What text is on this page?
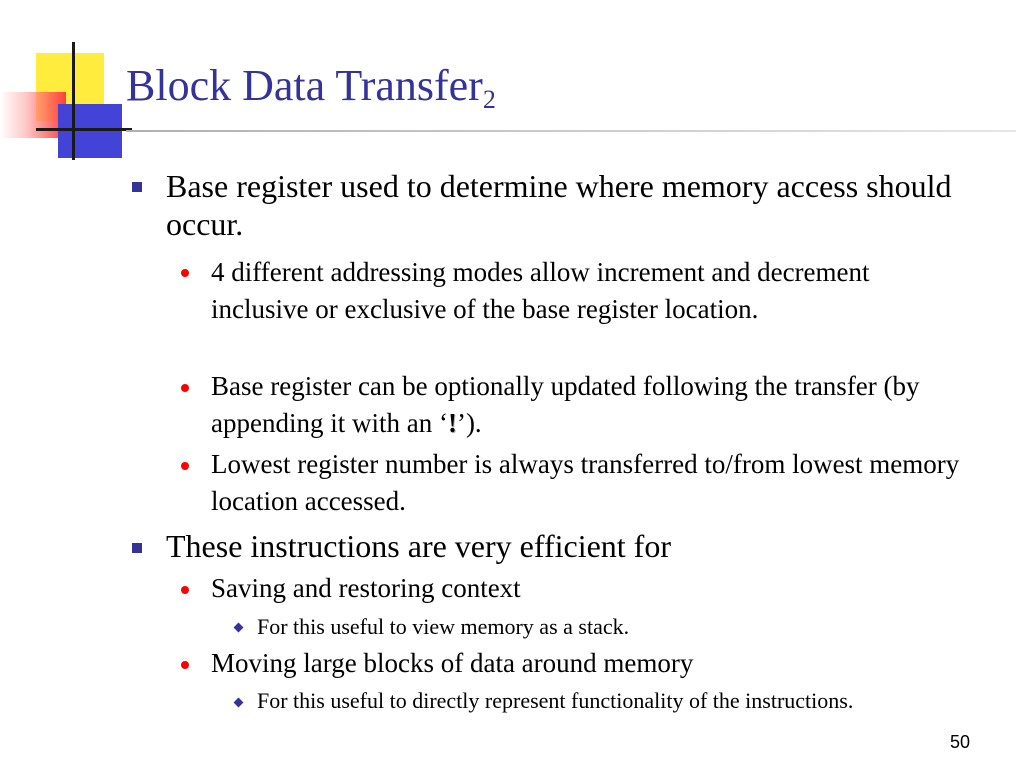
Block Data Transfer$_2$

Base register used to determine where memory access should occur.

4 different addressing modes allow increment and decrement inclusive or exclusive of the base register location.

Base register can be optionally updated following the transfer (by appending it with an ‘!’).

Lowest register number is always transferred to/from lowest memory location accessed.

These instructions are very efficient for

Saving and restoring context

For this useful to view memory as a stack.

Moving large blocks of data around memory

For this useful to directly represent functionality of the instructions.

50
